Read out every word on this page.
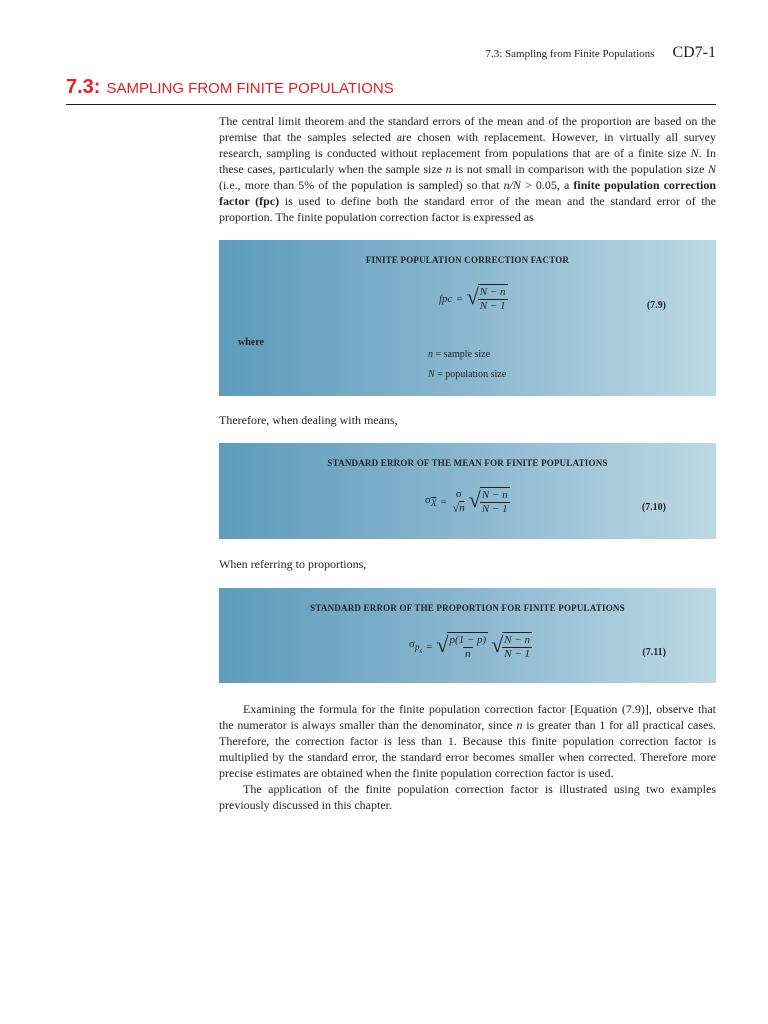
7.3: Sampling from Finite Populations CD7-1
7.3: SAMPLING FROM FINITE POPULATIONS

The central limit theorem and the standard errors of the mean and of the proportion are based on the premise that the samples selected are chosen with replacement. However, in virtually all survey research, sampling is conducted without replacement from populations that are of a finite size N. In these cases, particularly when the sample size n is not small in comparison with the population size N (i.e., more than 5% of the population is sampled) so that n/N > 0.05, a finite population correction factor (fpc) is used to define both the standard error of the mean and the standard error of the proportion. The finite population correction factor is expressed as

FINITE POPULATION CORRECTION FACTOR
fpc = √ $\frac{N - n}{N - 1}$	(7.9)
where
n = sample size
N = population size

Therefore, when dealing with means,

STANDARD ERROR OF THE MEAN FOR FINITE POPULATIONS
$\sigma_{\overline{X}}$ =
σ
√ n √ $\frac{N - n}{N - 1}$	(7.10)

When referring to proportions,

STANDARD ERROR OF THE PROPORTION FOR FINITE POPULATIONS
$\sigma_{p_s}$ = √ $\frac{p(1 - p)}{n}$ √ $\frac{N - n}{N - 1}$	(7.11)

Examining the formula for the finite population correction factor [Equation (7.9)], observe that the numerator is always smaller than the denominator, since n is greater than 1 for all practical cases. Therefore, the correction factor is less than 1. Because this finite population correction factor is multiplied by the standard error, the standard error becomes smaller when corrected. Therefore more precise estimates are obtained when the finite population correction factor is used.

The application of the finite population correction factor is illustrated using two examples previously discussed in this chapter.
